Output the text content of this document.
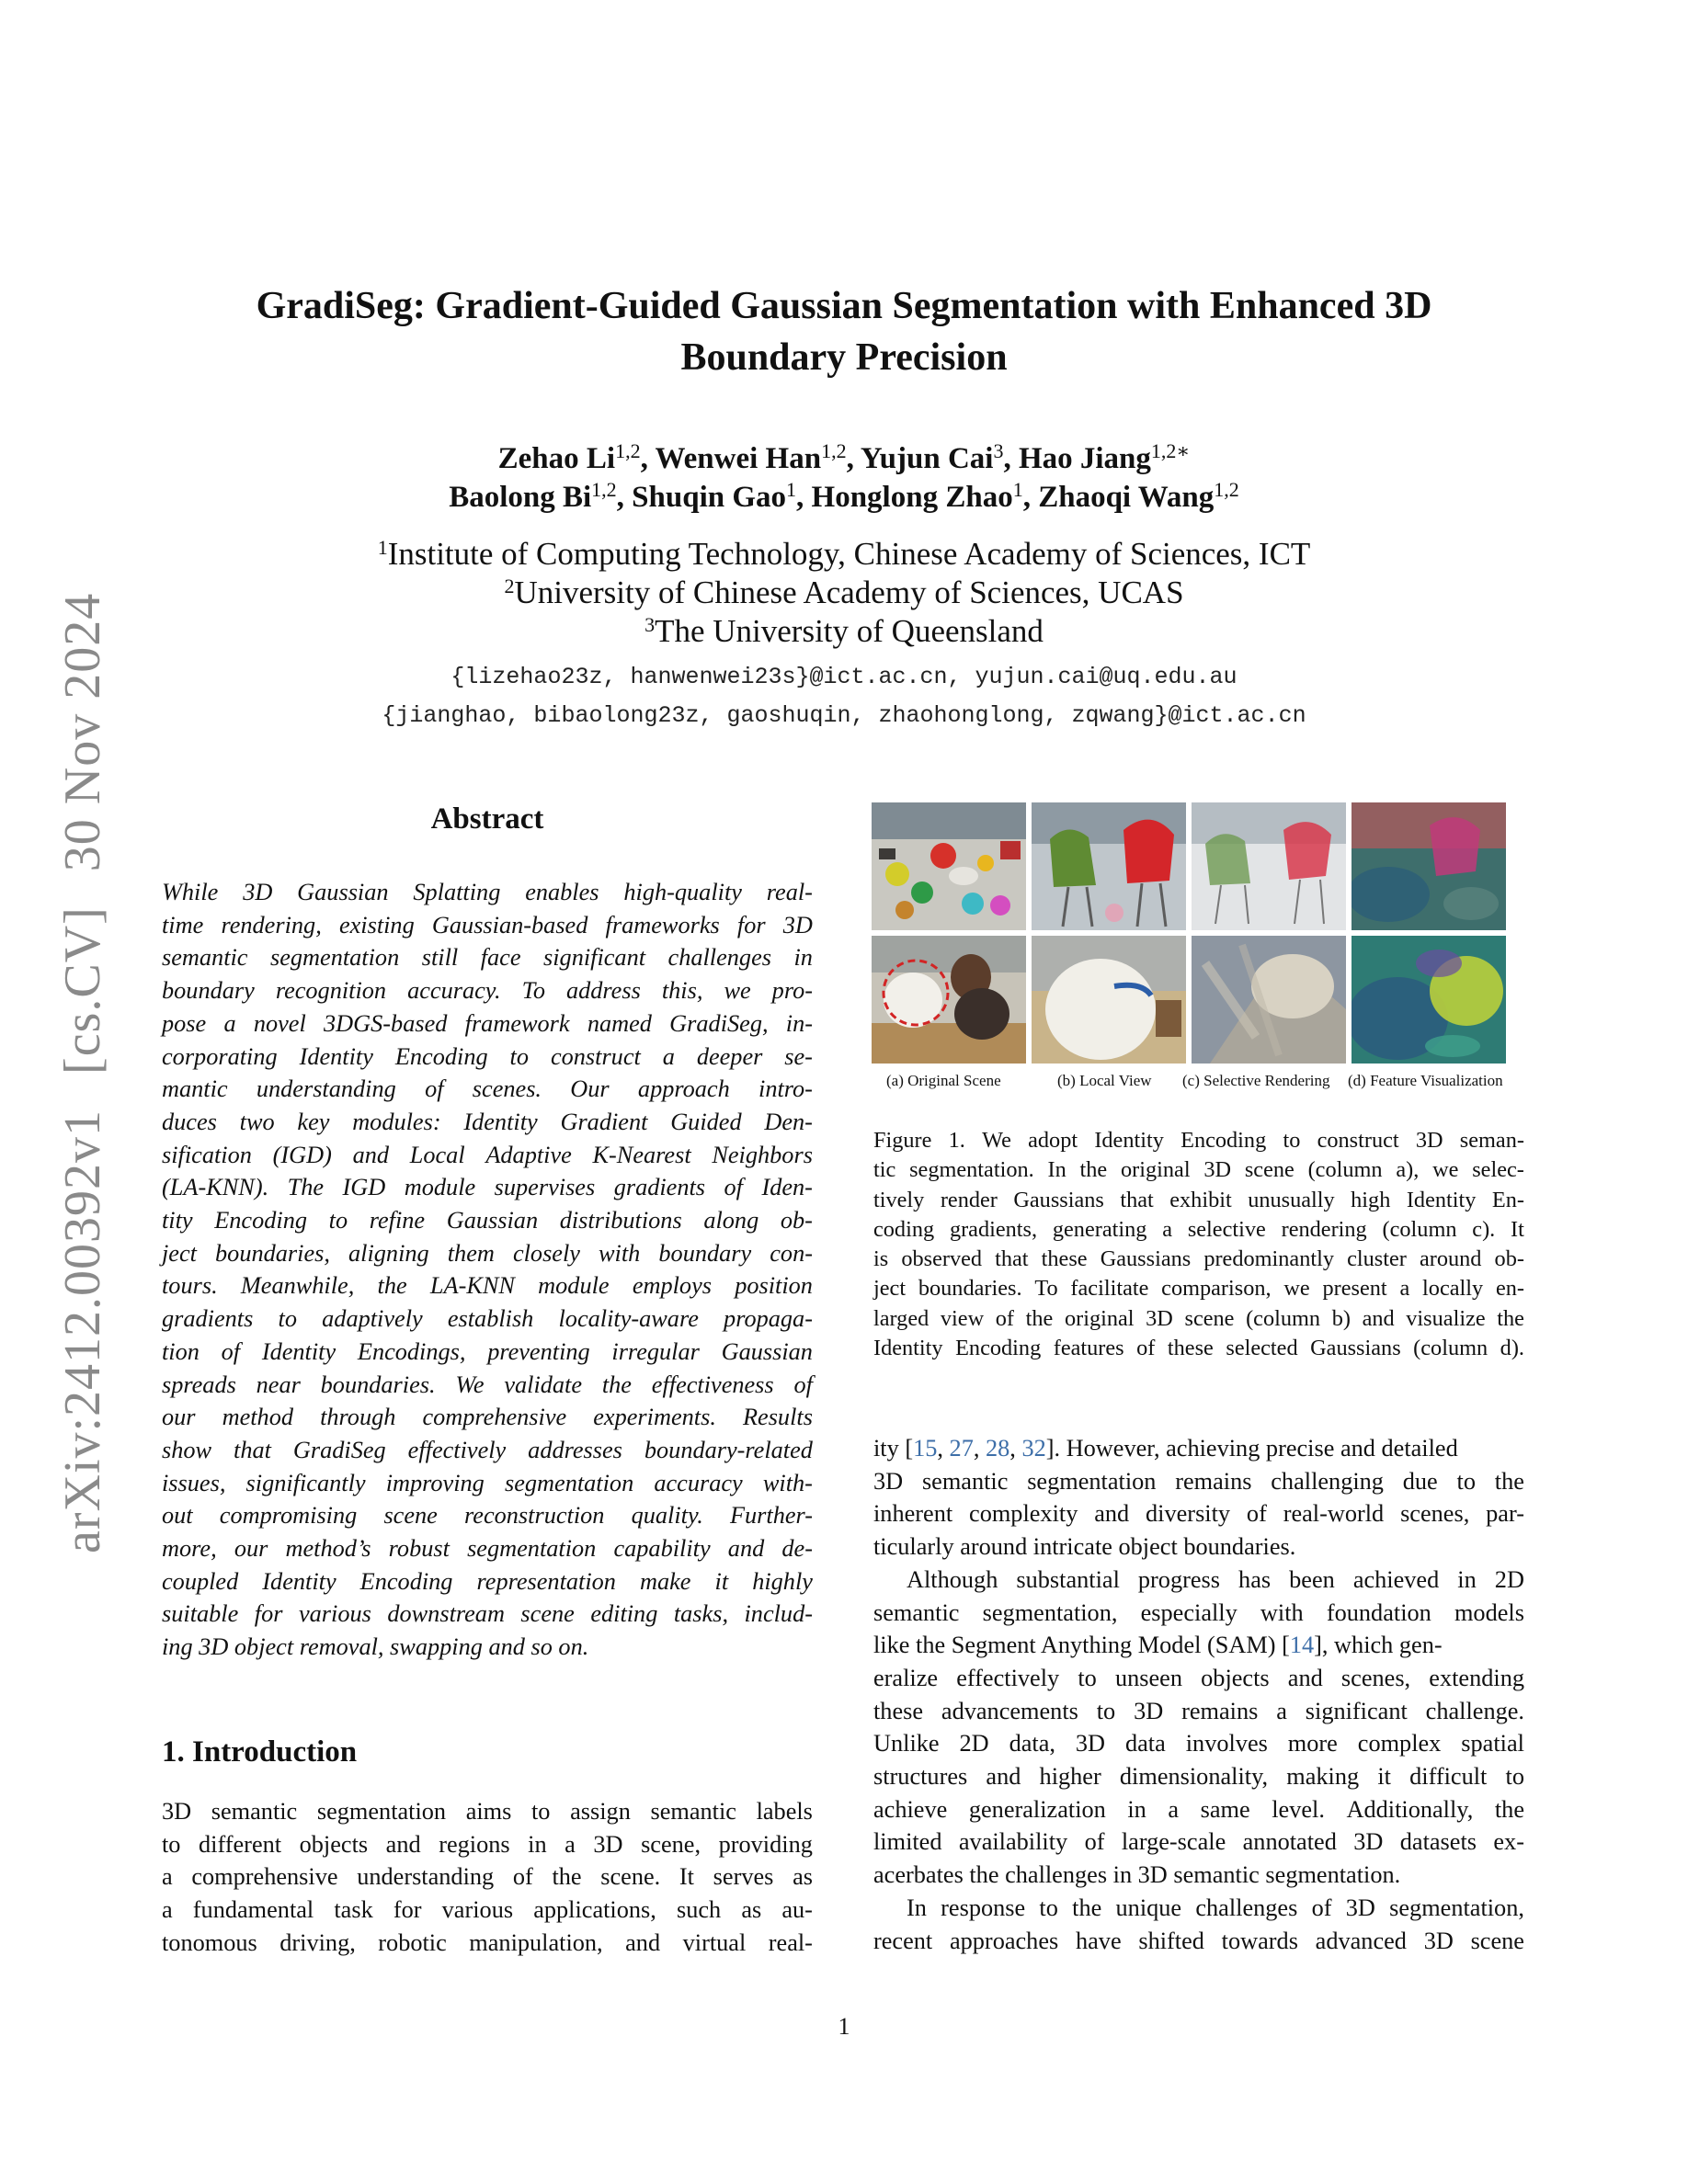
arXiv:2412.00392v1[cs.CV]30 Nov 2024
GradiSeg: Gradient-Guided Gaussian Segmentation with Enhanced 3D
Boundary Precision
Zehao Li$^{1,2}$, Wenwei Han$^{1,2}$, Yujun Cai$^3$, Hao Jiang$^{1,2∗}$
Baolong Bi$^{1,2}$, Shuqin Gao$^1$, Honglong Zhao$^1$, Zhaoqi Wang$^{1,2}$
$^1$Institute of Computing Technology, Chinese Academy of Sciences, ICT
$^2$University of Chinese Academy of Sciences, UCAS
$^3$The University of Queensland
{lizehao23z, hanwenwei23s}@ict.ac.cn, yujun.cai@uq.edu.au
{jianghao, bibaolong23z, gaoshuqin, zhaohonglong, zqwang}@ict.ac.cn
Abstract
While 3D Gaussian Splatting enables high-quality real-
time rendering, existing Gaussian-based frameworks for 3D
semantic segmentation still face significant challenges in
boundary recognition accuracy. To address this, we pro-
pose a novel 3DGS-based framework named GradiSeg, in-
corporating Identity Encoding to construct a deeper se-
mantic understanding of scenes. Our approach intro-
duces two key modules: Identity Gradient Guided Den-
sification (IGD) and Local Adaptive K-Nearest Neighbors
(LA-KNN). The IGD module supervises gradients of Iden-
tity Encoding to refine Gaussian distributions along ob-
ject boundaries, aligning them closely with boundary con-
tours. Meanwhile, the LA-KNN module employs position
gradients to adaptively establish locality-aware propaga-
tion of Identity Encodings, preventing irregular Gaussian
spreads near boundaries. We validate the effectiveness of
our method through comprehensive experiments. Results
show that GradiSeg effectively addresses boundary-related
issues, significantly improving segmentation accuracy with-
out compromising scene reconstruction quality. Further-
more, our method’s robust segmentation capability and de-
coupled Identity Encoding representation make it highly
suitable for various downstream scene editing tasks, includ-
ing 3D object removal, swapping and so on.
1. Introduction
3D semantic segmentation aims to assign semantic labels
to different objects and regions in a 3D scene, providing
a comprehensive understanding of the scene. It serves as
a fundamental task for various applications, such as au-
tonomous driving, robotic manipulation, and virtual real-
(a) Original Scene	(b) Local View (c) Selective Rendering (d) Feature Visualization
Figure 1. We adopt Identity Encoding to construct 3D seman-
tic segmentation. In the original 3D scene (column a), we selec-
tively render Gaussians that exhibit unusually high Identity En-
coding gradients, generating a selective rendering (column c). It
is observed that these Gaussians predominantly cluster around ob-
ject boundaries. To facilitate comparison, we present a locally en-
larged view of the original 3D scene (column b) and visualize the
Identity Encoding features of these selected Gaussians (column d).
ity [15, 27, 28, 32]. However, achieving precise and detailed
3D semantic segmentation remains challenging due to the
inherent complexity and diversity of real-world scenes, par-
ticularly around intricate object boundaries.
Although substantial progress has been achieved in 2D
semantic segmentation, especially with foundation models
like the Segment Anything Model (SAM) [14], which gen-
eralize effectively to unseen objects and scenes, extending
these advancements to 3D remains a significant challenge.
Unlike 2D data, 3D data involves more complex spatial
structures and higher dimensionality, making it difficult to
achieve generalization in a same level. Additionally, the
limited availability of large-scale annotated 3D datasets ex-
acerbates the challenges in 3D semantic segmentation.
In response to the unique challenges of 3D segmentation,
recent approaches have shifted towards advanced 3D scene
1
